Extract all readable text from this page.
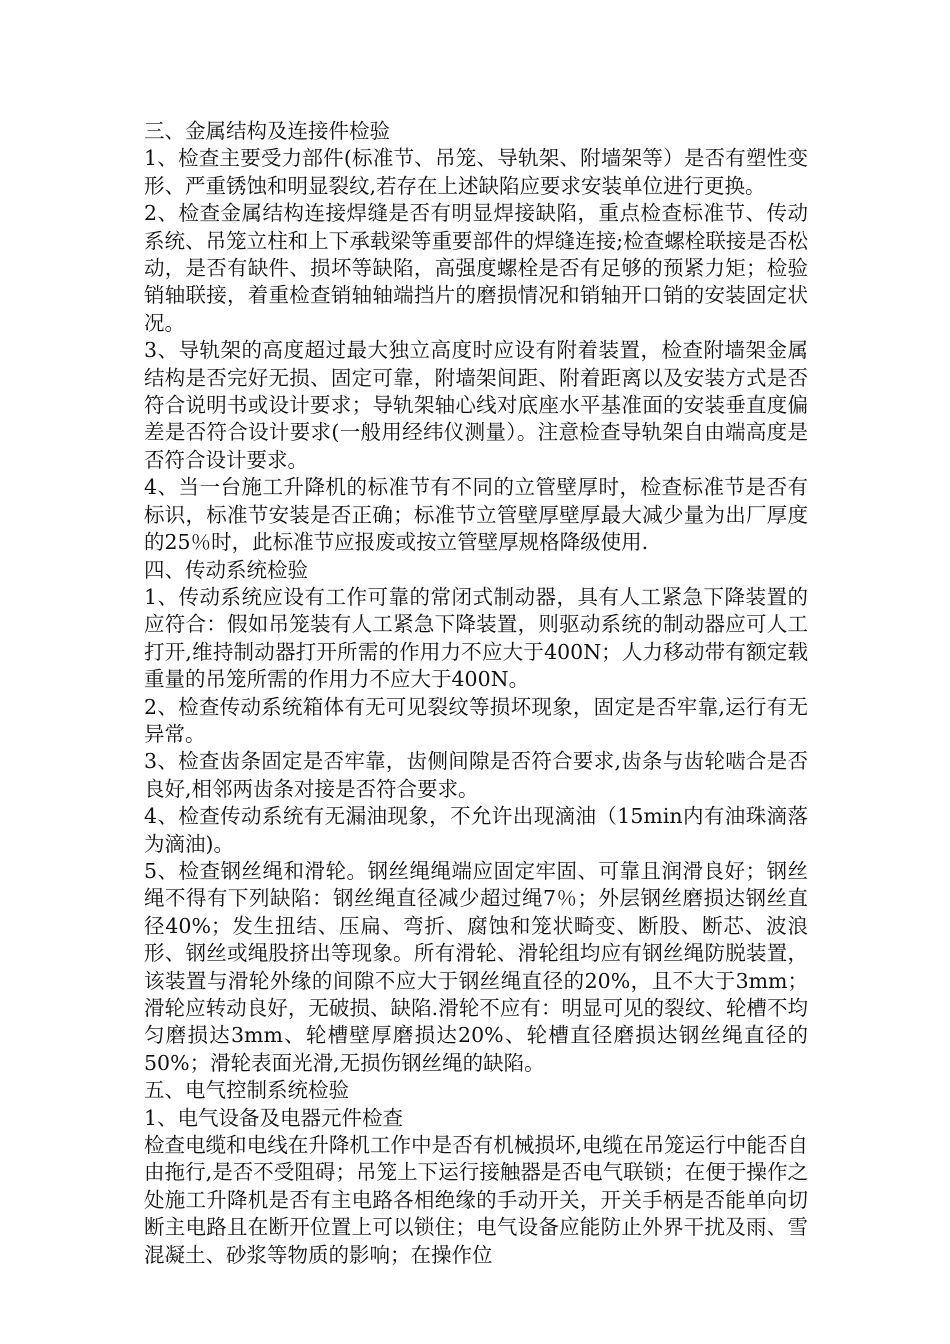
三、金属结构及连接件检验

1、检查主要受力部件(标准节、吊笼、导轨架、附墙架等）是否有塑性变形、严重锈蚀和明显裂纹,若存在上述缺陷应要求安装单位进行更换。

2、检查金属结构连接焊缝是否有明显焊接缺陷，重点检查标准节、传动系统、吊笼立柱和上下承载梁等重要部件的焊缝连接;检查螺栓联接是否松动，是否有缺件、损坏等缺陷，高强度螺栓是否有足够的预紧力矩；检验销轴联接，着重检查销轴轴端挡片的磨损情况和销轴开口销的安装固定状况。

3、导轨架的高度超过最大独立高度时应设有附着装置，检查附墙架金属结构是否完好无损、固定可靠，附墙架间距、附着距离以及安装方式是否符合说明书或设计要求；导轨架轴心线对底座水平基准面的安装垂直度偏差是否符合设计要求(一般用经纬仪测量）。注意检查导轨架自由端高度是否符合设计要求。

4、当一台施工升降机的标准节有不同的立管壁厚时，检查标准节是否有标识，标准节安装是否正确；标准节立管壁厚壁厚最大减少量为出厂厚度的25％时，此标准节应报废或按立管壁厚规格降级使用.

四、传动系统检验

1、传动系统应设有工作可靠的常闭式制动器，具有人工紧急下降装置的应符合：假如吊笼装有人工紧急下降装置，则驱动系统的制动器应可人工打开,维持制动器打开所需的作用力不应大于400N；人力移动带有额定载重量的吊笼所需的作用力不应大于400N。

2、检查传动系统箱体有无可见裂纹等损坏现象，固定是否牢靠,运行有无异常。

3、检查齿条固定是否牢靠，齿侧间隙是否符合要求,齿条与齿轮啮合是否良好,相邻两齿条对接是否符合要求。

4、检查传动系统有无漏油现象，不允许出现滴油（15min内有油珠滴落为滴油)。

5、检查钢丝绳和滑轮。钢丝绳绳端应固定牢固、可靠且润滑良好；钢丝绳不得有下列缺陷：钢丝绳直径减少超过绳7％；外层钢丝磨损达钢丝直径40%；发生扭结、压扁、弯折、腐蚀和笼状畸变、断股、断芯、波浪形、钢丝或绳股挤出等现象。所有滑轮、滑轮组均应有钢丝绳防脱装置，该装置与滑轮外缘的间隙不应大于钢丝绳直径的20%，且不大于3mm；滑轮应转动良好，无破损、缺陷.滑轮不应有：明显可见的裂纹、轮槽不均匀磨损达3mm、轮槽壁厚磨损达20%、轮槽直径磨损达钢丝绳直径的50%；滑轮表面光滑,无损伤钢丝绳的缺陷。

五、电气控制系统检验

1、电气设备及电器元件检查

检查电缆和电线在升降机工作中是否有机械损坏,电缆在吊笼运行中能否自由拖行,是否不受阻碍；吊笼上下运行接触器是否电气联锁；在便于操作之处施工升降机是否有主电路各相绝缘的手动开关，开关手柄是否能单向切断主电路且在断开位置上可以锁住；电气设备应能防止外界干扰及雨、雪混凝土、砂浆等物质的影响；在操作位
